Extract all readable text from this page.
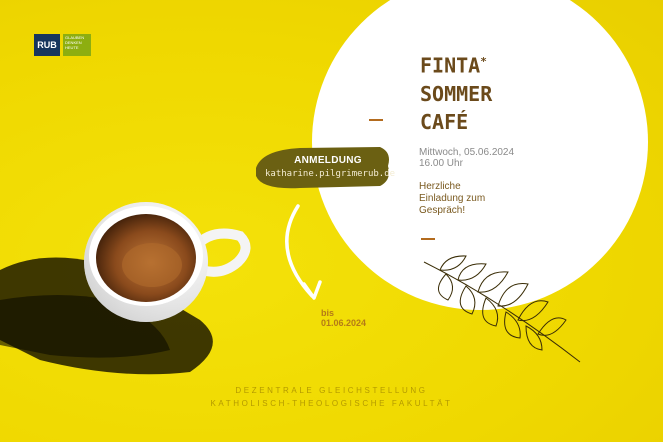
RUB
GLAUBEN
DENKEN
HEUTE
FINTA*
SOMMER
CAFÉ
Mittwoch, 05.06.2024
16.00 Uhr
Herzliche
Einladung zum
Gespräch!
ANMELDUNG
katharine.pilgrimerub.de
bis
01.06.2024
DEZENTRALE GLEICHSTELLUNG
KATHOLISCH-THEOLOGISCHE FAKULTÄT
